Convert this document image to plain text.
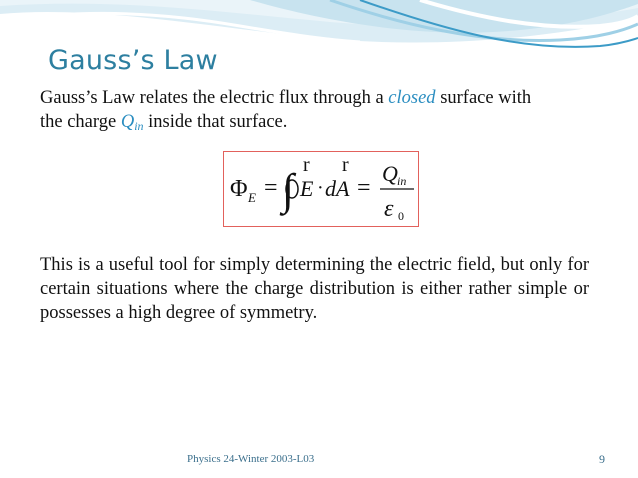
Gauss’s Law
Gauss’s Law relates the electric flux through a closed surface with
the charge $Q_{in}$ inside that surface.
Φ E = ∫ r r
E · dA =
Q in
ε 0
This is a useful tool for simply determining the electric field, but only for certain situations where the charge distribution is either rather simple or possesses a high degree of symmetry.
Physics 24-Winter 2003-L03	9
